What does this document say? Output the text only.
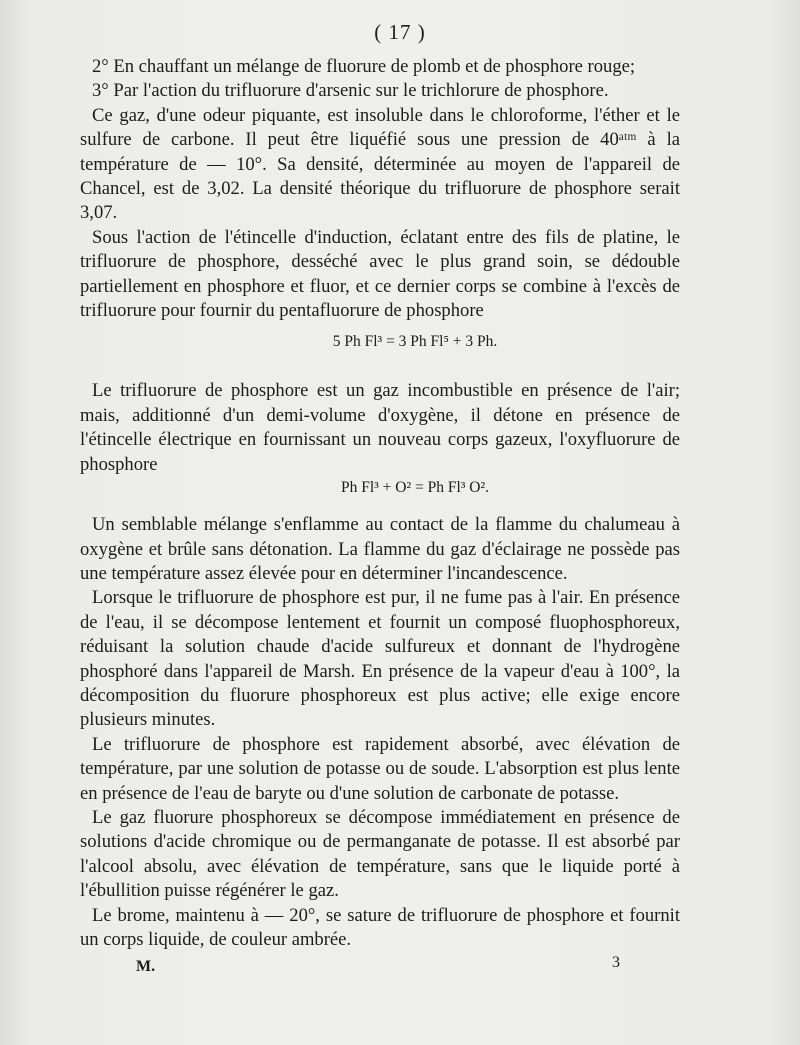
( 17 )

2° En chauffant un mélange de fluorure de plomb et de phosphore rouge;

3° Par l'action du trifluorure d'arsenic sur le trichlorure de phosphore.

Ce gaz, d'une odeur piquante, est insoluble dans le chloroforme, l'éther et le sulfure de carbone. Il peut être liquéfié sous une pression de 40ᵃᵗᵐ à la température de — 10°. Sa densité, déterminée au moyen de l'appareil de Chancel, est de 3,02. La densité théorique du trifluorure de phosphore serait 3,07.

Sous l'action de l'étincelle d'induction, éclatant entre des fils de platine, le trifluorure de phosphore, desséché avec le plus grand soin, se dédouble partiellement en phosphore et fluor, et ce dernier corps se combine à l'excès de trifluorure pour fournir du pentafluorure de phosphore

5 Ph Fl³ = 3 Ph Fl⁵ + 3 Ph.

Le trifluorure de phosphore est un gaz incombustible en présence de l'air; mais, additionné d'un demi-volume d'oxygène, il détone en présence de l'étincelle électrique en fournissant un nouveau corps gazeux, l'oxyfluorure de phosphore

Ph Fl³ + O² = Ph Fl³ O².

Un semblable mélange s'enflamme au contact de la flamme du chalumeau à oxygène et brûle sans détonation. La flamme du gaz d'éclairage ne possède pas une température assez élevée pour en déterminer l'incandescence.

Lorsque le trifluorure de phosphore est pur, il ne fume pas à l'air. En présence de l'eau, il se décompose lentement et fournit un composé fluophosphoreux, réduisant la solution chaude d'acide sulfureux et donnant de l'hydrogène phosphoré dans l'appareil de Marsh. En présence de la vapeur d'eau à 100°, la décomposition du fluorure phosphoreux est plus active; elle exige encore plusieurs minutes.

Le trifluorure de phosphore est rapidement absorbé, avec élévation de température, par une solution de potasse ou de soude. L'absorption est plus lente en présence de l'eau de baryte ou d'une solution de carbonate de potasse.

Le gaz fluorure phosphoreux se décompose immédiatement en présence de solutions d'acide chromique ou de permanganate de potasse. Il est absorbé par l'alcool absolu, avec élévation de température, sans que le liquide porté à l'ébullition puisse régénérer le gaz.

Le brome, maintenu à — 20°, se sature de trifluorure de phosphore et fournit un corps liquide, de couleur ambrée.

M.	3
